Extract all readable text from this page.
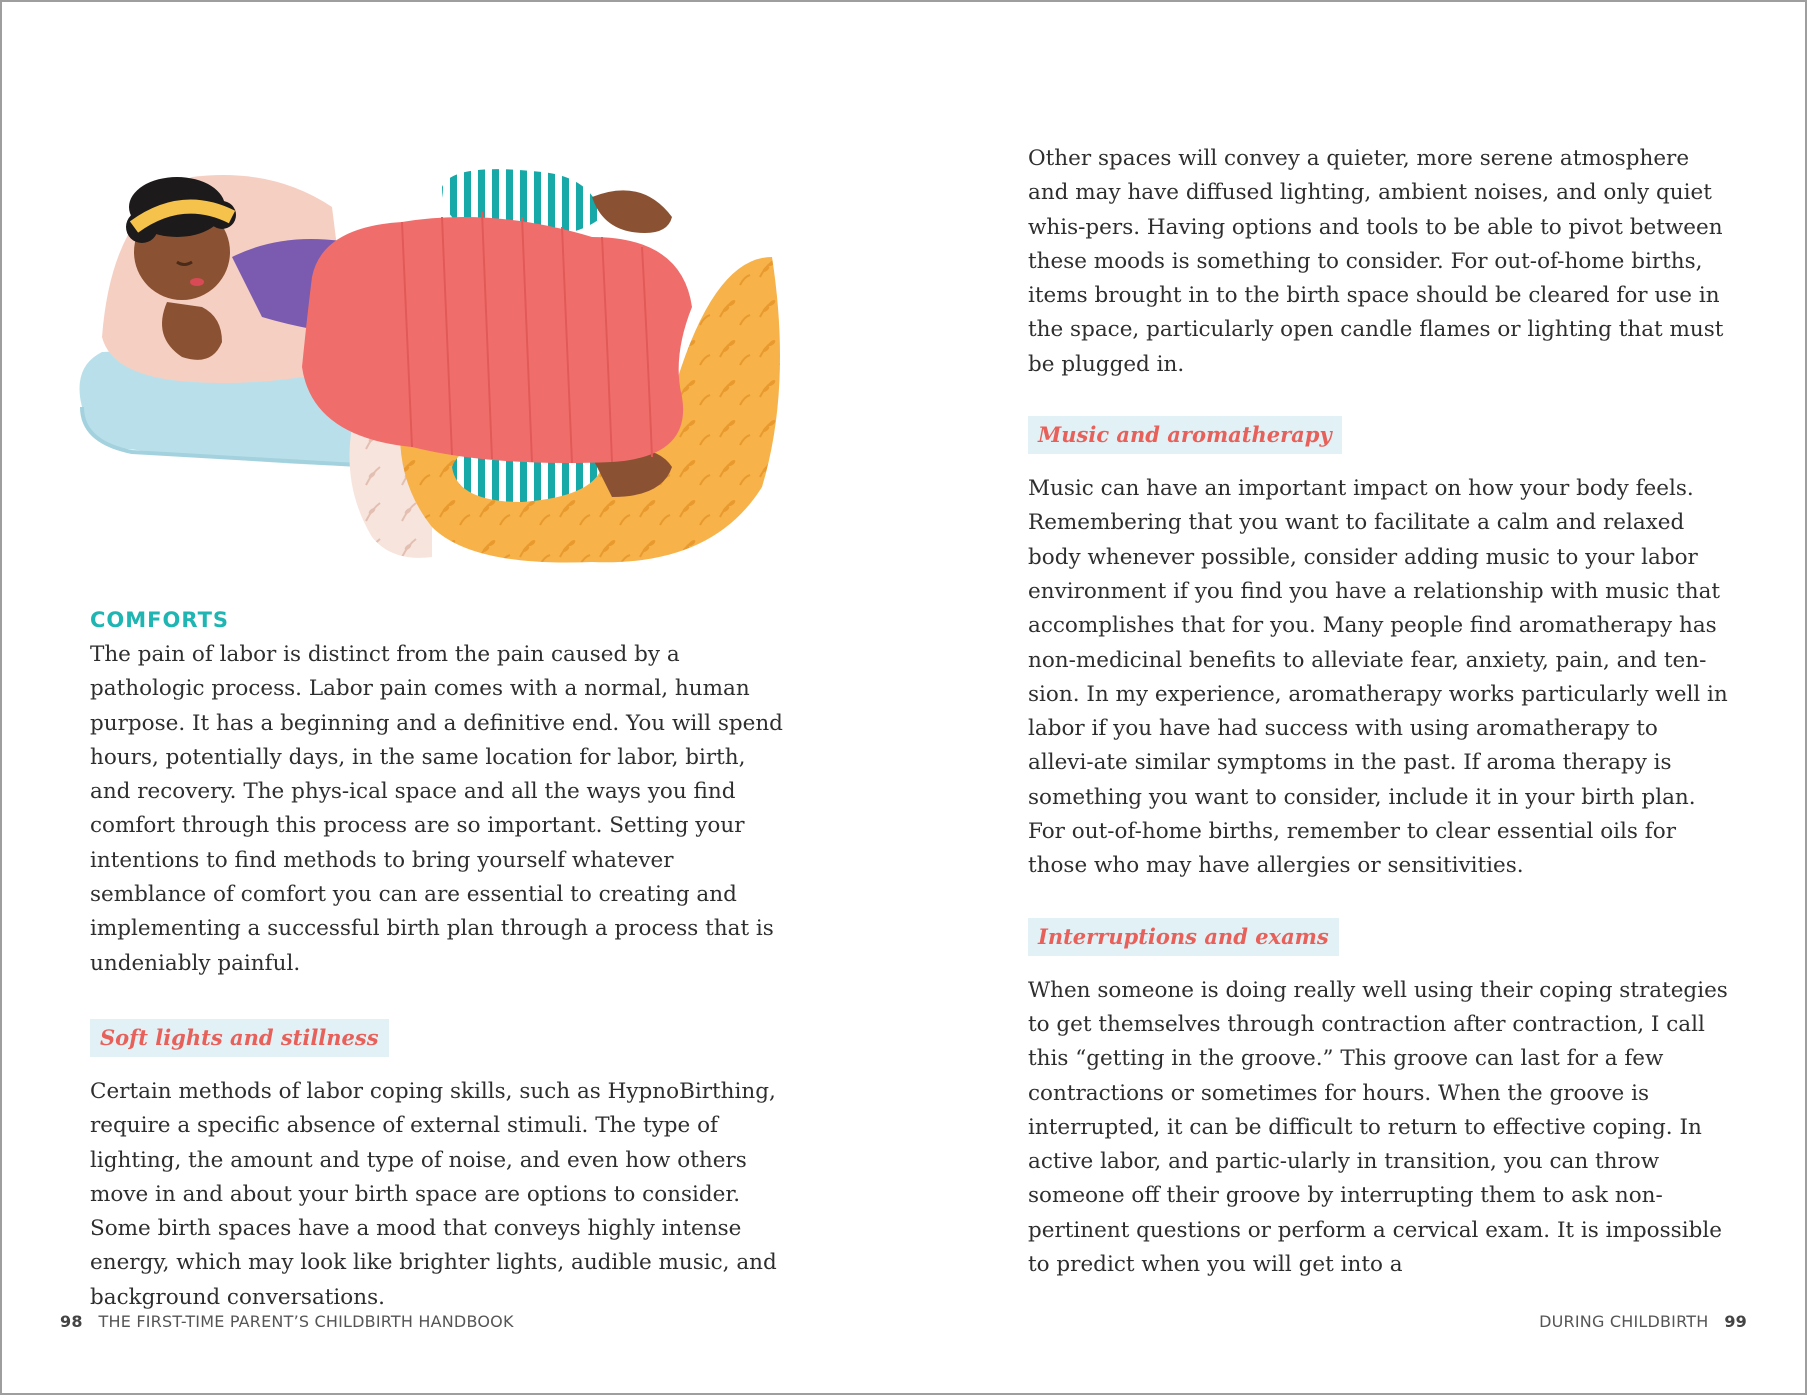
COMFORTS

The pain of labor is distinct from the pain caused by a pathologic process. Labor pain comes with a normal, human purpose. It has a beginning and a definitive end. You will spend hours, potentially days, in the same location for labor, birth, and recovery. The phys-ical space and all the ways you find comfort through this process are so important. Setting your intentions to find methods to bring yourself whatever semblance of comfort you can are essential to creating and implementing a successful birth plan through a process that is undeniably painful.

Soft lights and stillness

Certain methods of labor coping skills, such as HypnoBirthing, require a specific absence of external stimuli. The type of lighting, the amount and type of noise, and even how others move in and about your birth space are options to consider. Some birth spaces have a mood that conveys highly intense energy, which may look like brighter lights, audible music, and background conversations.

98 THE FIRST-TIME PARENT’S CHILDBIRTH HANDBOOK

Other spaces will convey a quieter, more serene atmosphere and may have diffused lighting, ambient noises, and only quiet whis-pers. Having options and tools to be able to pivot between these moods is something to consider. For out-of-home births, items brought in to the birth space should be cleared for use in the space, particularly open candle flames or lighting that must be plugged in.

Music and aromatherapy

Music can have an important impact on how your body feels. Remembering that you want to facilitate a calm and relaxed body whenever possible, consider adding music to your labor environment if you find you have a relationship with music that accomplishes that for you. Many people find aromatherapy has non-medicinal benefits to alleviate fear, anxiety, pain, and ten-sion. In my experience, aromatherapy works particularly well in labor if you have had success with using aromatherapy to allevi-ate similar symptoms in the past. If aroma therapy is something you want to consider, include it in your birth plan. For out-of-home births, remember to clear essential oils for those who may have allergies or sensitivities.

Interruptions and exams

When someone is doing really well using their coping strategies to get themselves through contraction after contraction, I call this “getting in the groove.” This groove can last for a few contractions or sometimes for hours. When the groove is interrupted, it can be difficult to return to effective coping. In active labor, and partic-ularly in transition, you can throw someone off their groove by interrupting them to ask non-pertinent questions or perform a cervical exam. It is impossible to predict when you will get into a

DURING CHILDBIRTH 99
